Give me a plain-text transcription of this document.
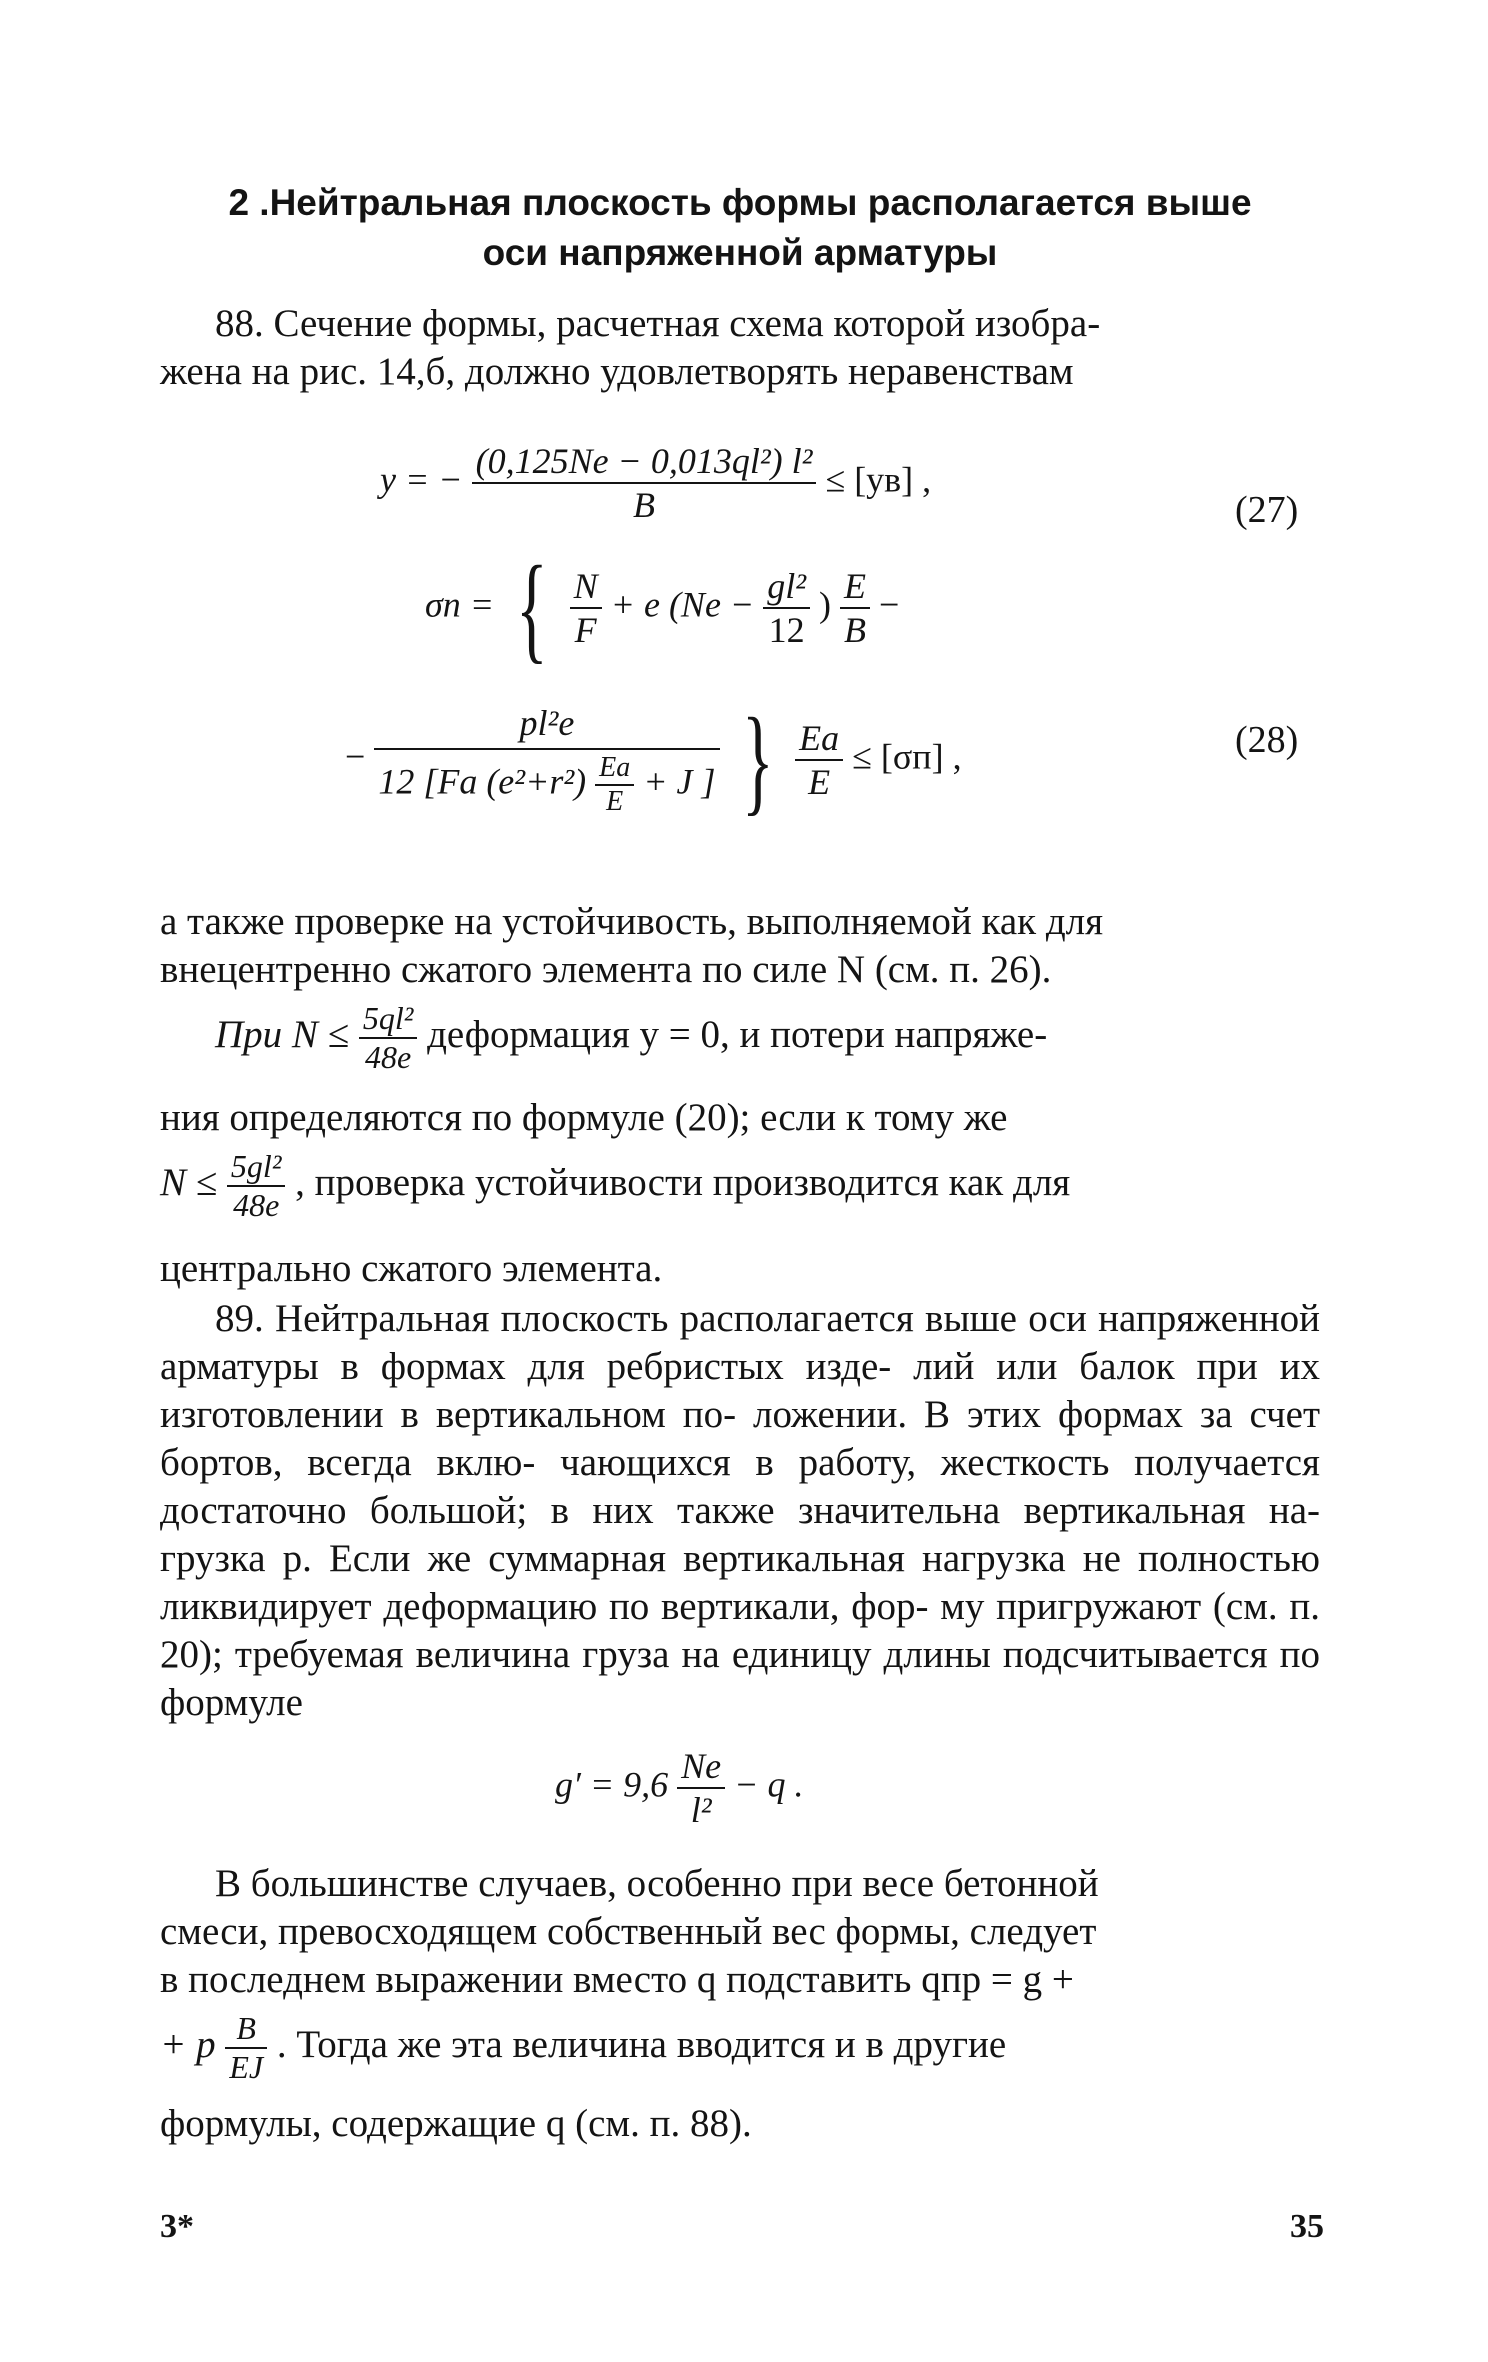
2 .Нейтральная плоскость формы располагается выше
оси напряженной арматуры
88. Сечение формы, расчетная схема которой изобра-
жена на рис. 14,б, должно удовлетворять неравенствам
y = − $\frac{\text{(0,125Ne − 0,013ql²) l²}}{B} \le [yв]$ ,
(27)
σп = { $\frac{N}{F} + e$ ($Ne - \frac{\text{gl²}}{12}$ ) $\frac{E}{B}$ −
−
pl²e
12 [Fa $(e^2+r^2) \frac{Ea}{E} + J$ ] } $\frac{Ea}{E} \le [\sigma п]$ ,	(28)
а также проверке на устойчивость, выполняемой как для
внецентренно сжатого элемента по силе N (см. п. 26).
При $N \le \frac{\text{5ql²}}{48e}$ деформация y = 0, и потери напряже-
ния определяются по формуле (20); если к тому же
$N \le \frac{\text{5gl²}}{48e}$ , проверка устойчивости производится как для
центрально сжатого элемента.
89. Нейтральная плоскость располагается выше оси напряженной арматуры в формах для ребристых изде- лий или балок при их изготовлении в вертикальном по- ложении. В этих формах за счет бортов, всегда вклю- чающихся в работу, жесткость получается достаточно большой; в них также значительна вертикальная на- грузка p. Если же суммарная вертикальная нагрузка не полностью ликвидирует деформацию по вертикали, фор- му пригружают (см. п. 20); требуемая величина груза на единицу длины подсчитывается по формуле
$g' = 9,6 \frac{Ne}{\text{l²}} - q$ .
В большинстве случаев, особенно при весе бетонной
смеси, превосходящем собственный вес формы, следует
в последнем выражении вместо q подставить qпр = g +
+ p $\frac{B}{EJ}$ . Тогда же эта величина вводится и в другие
формулы, содержащие q (см. п. 88).
3*	35
